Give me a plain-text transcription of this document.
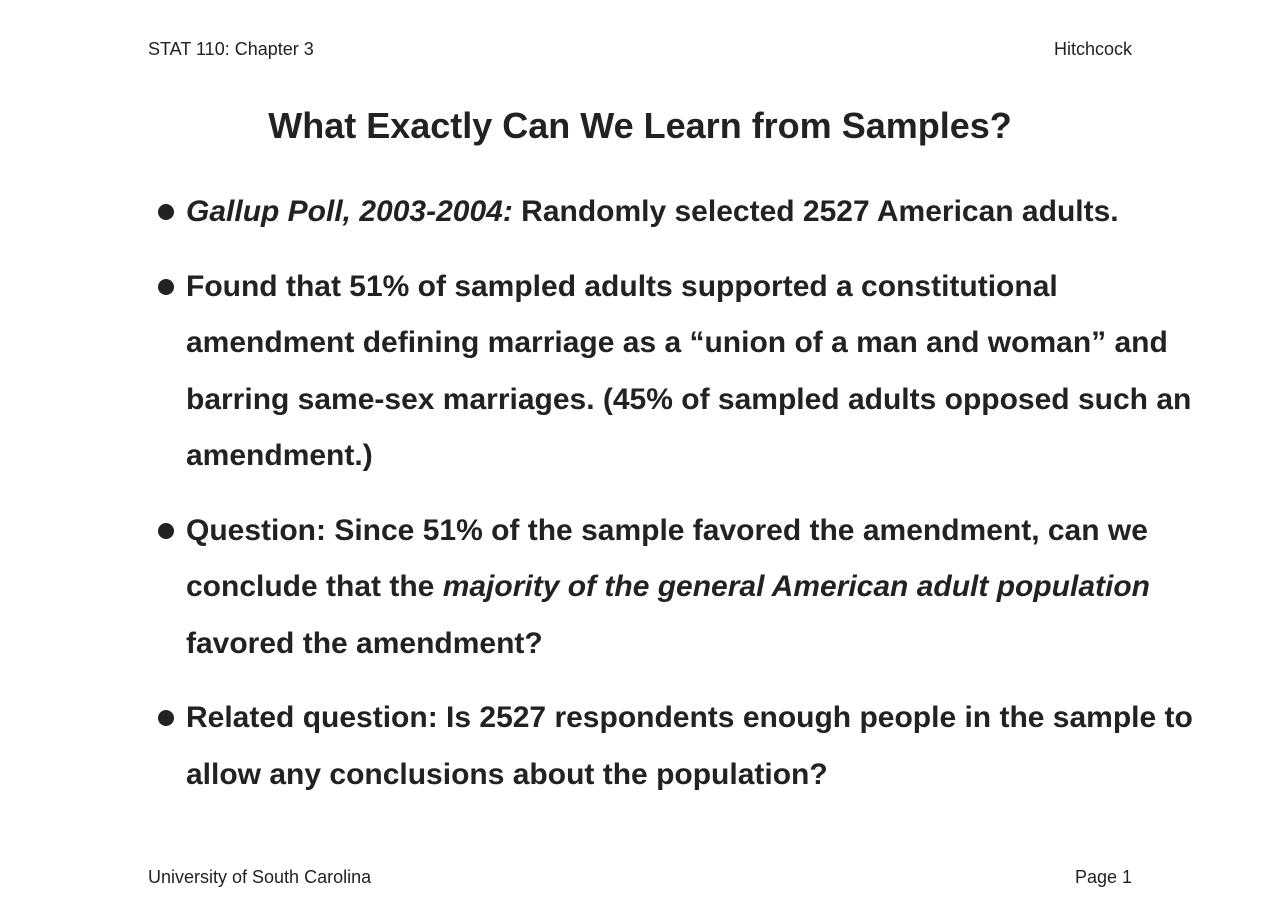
STAT 110: Chapter 3	Hitchcock
What Exactly Can We Learn from Samples?
Gallup Poll, 2003-2004: Randomly selected 2527 American adults.
Found that 51% of sampled adults supported a constitutional amendment defining marriage as a “union of a man and woman” and barring same-sex marriages. (45% of sampled adults opposed such an amendment.)
Question: Since 51% of the sample favored the amendment, can we conclude that the majority of the general American adult population favored the amendment?
Related question: Is 2527 respondents enough people in the sample to allow any conclusions about the population?
University of South Carolina	Page 1
